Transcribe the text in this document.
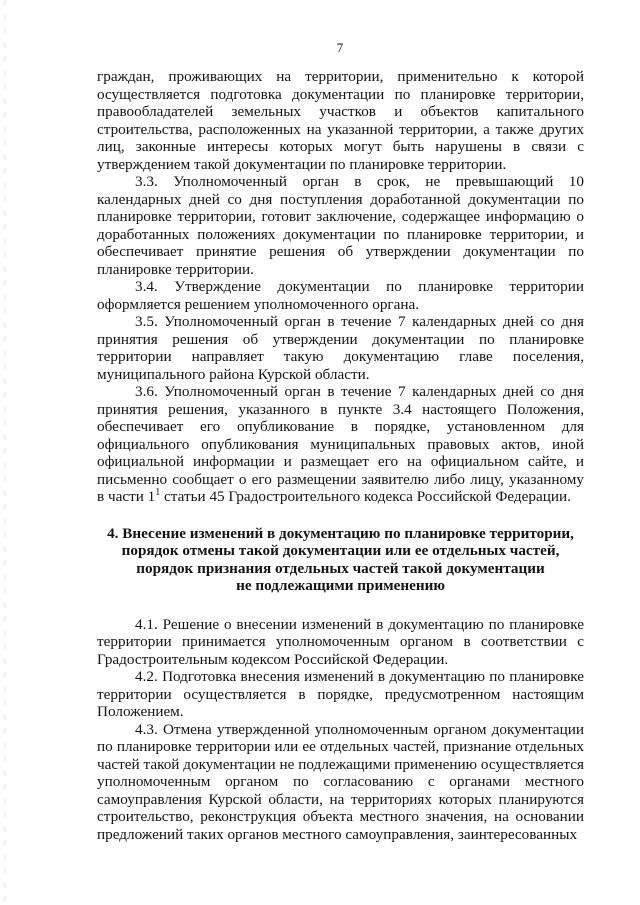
7

граждан, проживающих на территории, применительно к которой осуществляется подготовка документации по планировке территории, правообладателей земельных участков и объектов капитального строительства, расположенных на указанной территории, а также других лиц, законные интересы которых могут быть нарушены в связи с утверждением такой документации по планировке территории.

3.3. Уполномоченный орган в срок, не превышающий 10 календарных дней со дня поступления доработанной документации по планировке территории, готовит заключение, содержащее информацию о доработанных положениях документации по планировке территории, и обеспечивает принятие решения об утверждении документации по планировке территории.

3.4. Утверждение документации по планировке территории оформляется решением уполномоченного органа.

3.5. Уполномоченный орган в течение 7 календарных дней со дня принятия решения об утверждении документации по планировке территории направляет такую документацию главе поселения, муниципального района Курской области.

3.6. Уполномоченный орган в течение 7 календарных дней со дня принятия решения, указанного в пункте 3.4 настоящего Положения, обеспечивает его опубликование в порядке, установленном для официального опубликования муниципальных правовых актов, иной официальной информации и размещает его на официальном сайте, и письменно сообщает о его размещении заявителю либо лицу, указанному в части $1^1$ статьи 45 Градостроительного кодекса Российской Федерации.

4. Внесение изменений в документацию по планировке территории,
порядок отмены такой документации или ее отдельных частей,
порядок признания отдельных частей такой документации
не подлежащими применению

4.1. Решение о внесении изменений в документацию по планировке территории принимается уполномоченным органом в соответствии с Градостроительным кодексом Российской Федерации.

4.2. Подготовка внесения изменений в документацию по планировке территории осуществляется в порядке, предусмотренном настоящим Положением.

4.3. Отмена утвержденной уполномоченным органом документации по планировке территории или ее отдельных частей, признание отдельных частей такой документации не подлежащими применению осуществляется уполномоченным органом по согласованию с органами местного самоуправления Курской области, на территориях которых планируются строительство, реконструкция объекта местного значения, на основании предложений таких органов местного самоуправления, заинтересованных
